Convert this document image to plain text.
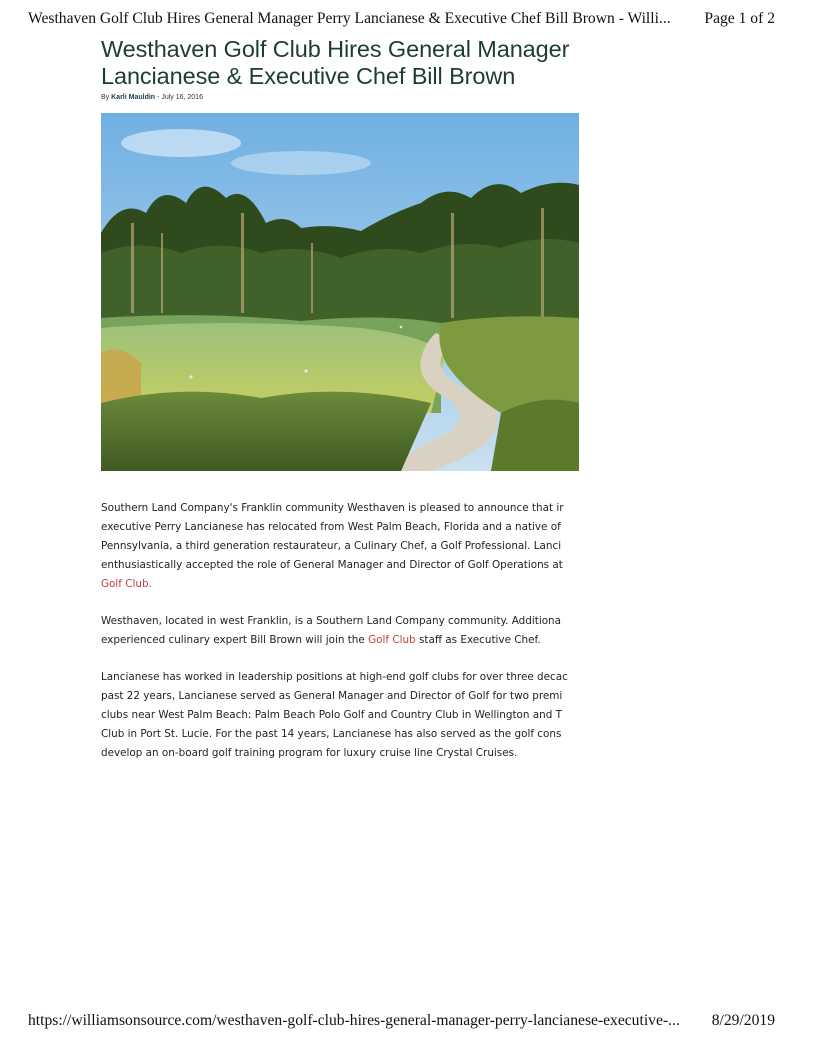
Westhaven Golf Club Hires General Manager Perry Lancianese & Executive Chef Bill Brown - Willi... Page 1 of 2
Westhaven Golf Club Hires General Manager
Lancianese & Executive Chef Bill Brown
By Karli Mauldin - July 16, 2016

Southern Land Company's Franklin community Westhaven is pleased to announce that ir
executive Perry Lancianese has relocated from West Palm Beach, Florida and a native of
Pennsylvania, a third generation restaurateur, a Culinary Chef, a Golf Professional. Lanci
enthusiastically accepted the role of General Manager and Director of Golf Operations at
Golf Club.

Westhaven, located in west Franklin, is a Southern Land Company community. Additiona
experienced culinary expert Bill Brown will join the Golf Club staff as Executive Chef.

Lancianese has worked in leadership positions at high-end golf clubs for over three decac
past 22 years, Lancianese served as General Manager and Director of Golf for two premi
clubs near West Palm Beach: Palm Beach Polo Golf and Country Club in Wellington and T
Club in Port St. Lucie. For the past 14 years, Lancianese has also served as the golf cons
develop an on-board golf training program for luxury cruise line Crystal Cruises.

https://williamsonsource.com/westhaven-golf-club-hires-general-manager-perry-lancianese-executive-... 8/29/2019
